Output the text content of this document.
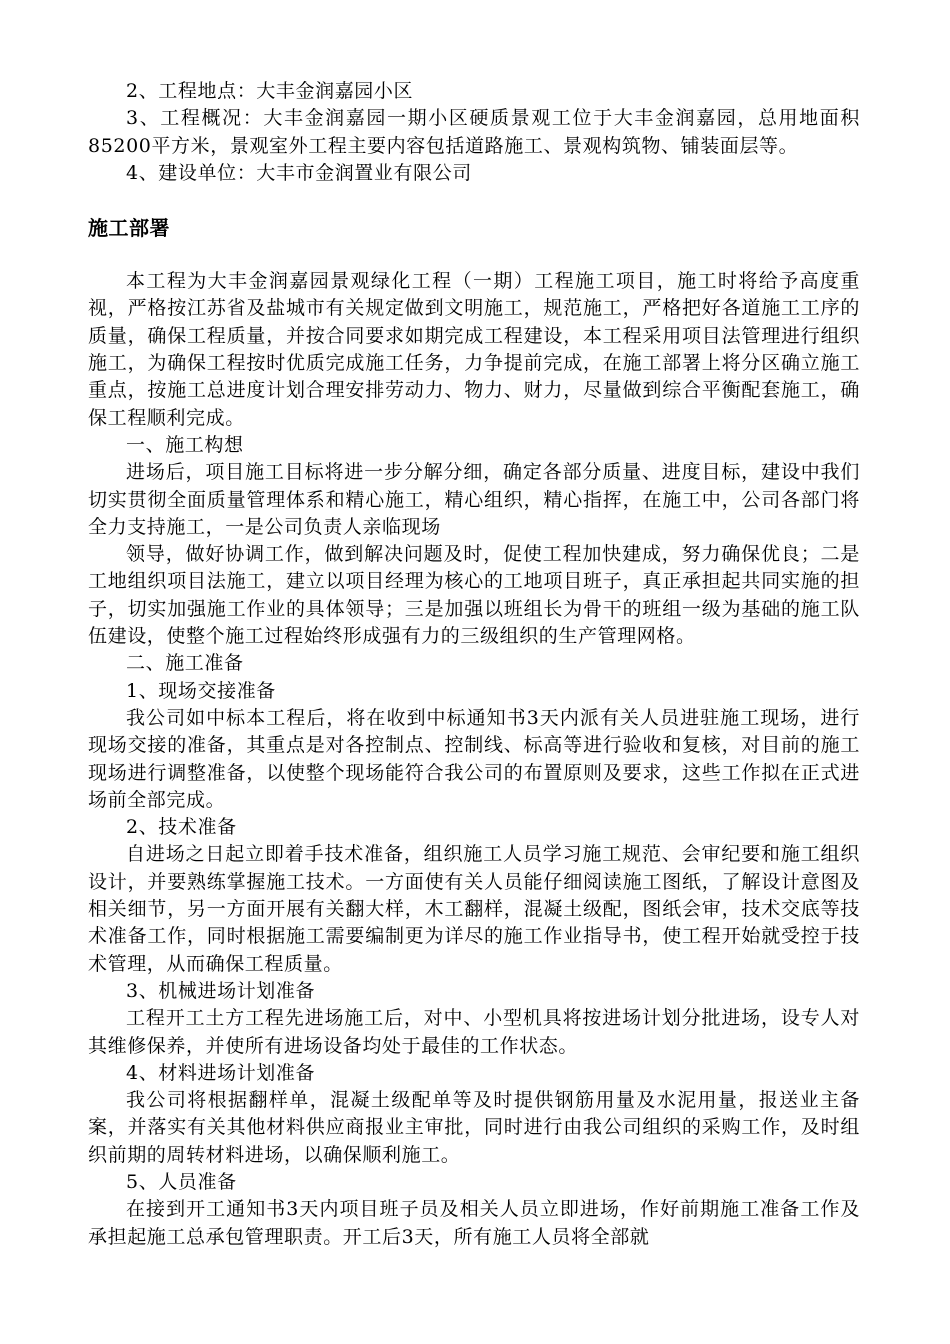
2、工程地点：大丰金润嘉园小区

3、工程概况：大丰金润嘉园一期小区硬质景观工位于大丰金润嘉园，总用地面积85200平方米，景观室外工程主要内容包括道路施工、景观构筑物、铺装面层等。

4、建设单位：大丰市金润置业有限公司

施工部署

本工程为大丰金润嘉园景观绿化工程（一期）工程施工项目，施工时将给予高度重视，严格按江苏省及盐城市有关规定做到文明施工，规范施工，严格把好各道施工工序的质量，确保工程质量，并按合同要求如期完成工程建设，本工程采用项目法管理进行组织施工，为确保工程按时优质完成施工任务，力争提前完成，在施工部署上将分区确立施工重点，按施工总进度计划合理安排劳动力、物力、财力，尽量做到综合平衡配套施工，确保工程顺利完成。

一、施工构想

进场后，项目施工目标将进一步分解分细，确定各部分质量、进度目标，建设中我们切实贯彻全面质量管理体系和精心施工，精心组织，精心指挥，在施工中，公司各部门将全力支持施工，一是公司负责人亲临现场

领导，做好协调工作，做到解决问题及时，促使工程加快建成，努力确保优良；二是工地组织项目法施工，建立以项目经理为核心的工地项目班子，真正承担起共同实施的担子，切实加强施工作业的具体领导；三是加强以班组长为骨干的班组一级为基础的施工队伍建设，使整个施工过程始终形成强有力的三级组织的生产管理网格。

二、施工准备

1、现场交接准备

我公司如中标本工程后，将在收到中标通知书3天内派有关人员进驻施工现场，进行现场交接的准备，其重点是对各控制点、控制线、标高等进行验收和复核，对目前的施工现场进行调整准备，以使整个现场能符合我公司的布置原则及要求，这些工作拟在正式进场前全部完成。

2、技术准备

自进场之日起立即着手技术准备，组织施工人员学习施工规范、会审纪要和施工组织设计，并要熟练掌握施工技术。一方面使有关人员能仔细阅读施工图纸，了解设计意图及相关细节，另一方面开展有关翻大样，木工翻样，混凝土级配，图纸会审，技术交底等技术准备工作，同时根据施工需要编制更为详尽的施工作业指导书，使工程开始就受控于技术管理，从而确保工程质量。

3、机械进场计划准备

工程开工土方工程先进场施工后，对中、小型机具将按进场计划分批进场，设专人对其维修保养，并使所有进场设备均处于最佳的工作状态。

4、材料进场计划准备

我公司将根据翻样单，混凝土级配单等及时提供钢筋用量及水泥用量，报送业主备案，并落实有关其他材料供应商报业主审批，同时进行由我公司组织的采购工作，及时组织前期的周转材料进场，以确保顺利施工。

5、人员准备

在接到开工通知书3天内项目班子员及相关人员立即进场，作好前期施工准备工作及承担起施工总承包管理职责。开工后3天，所有施工人员将全部就
